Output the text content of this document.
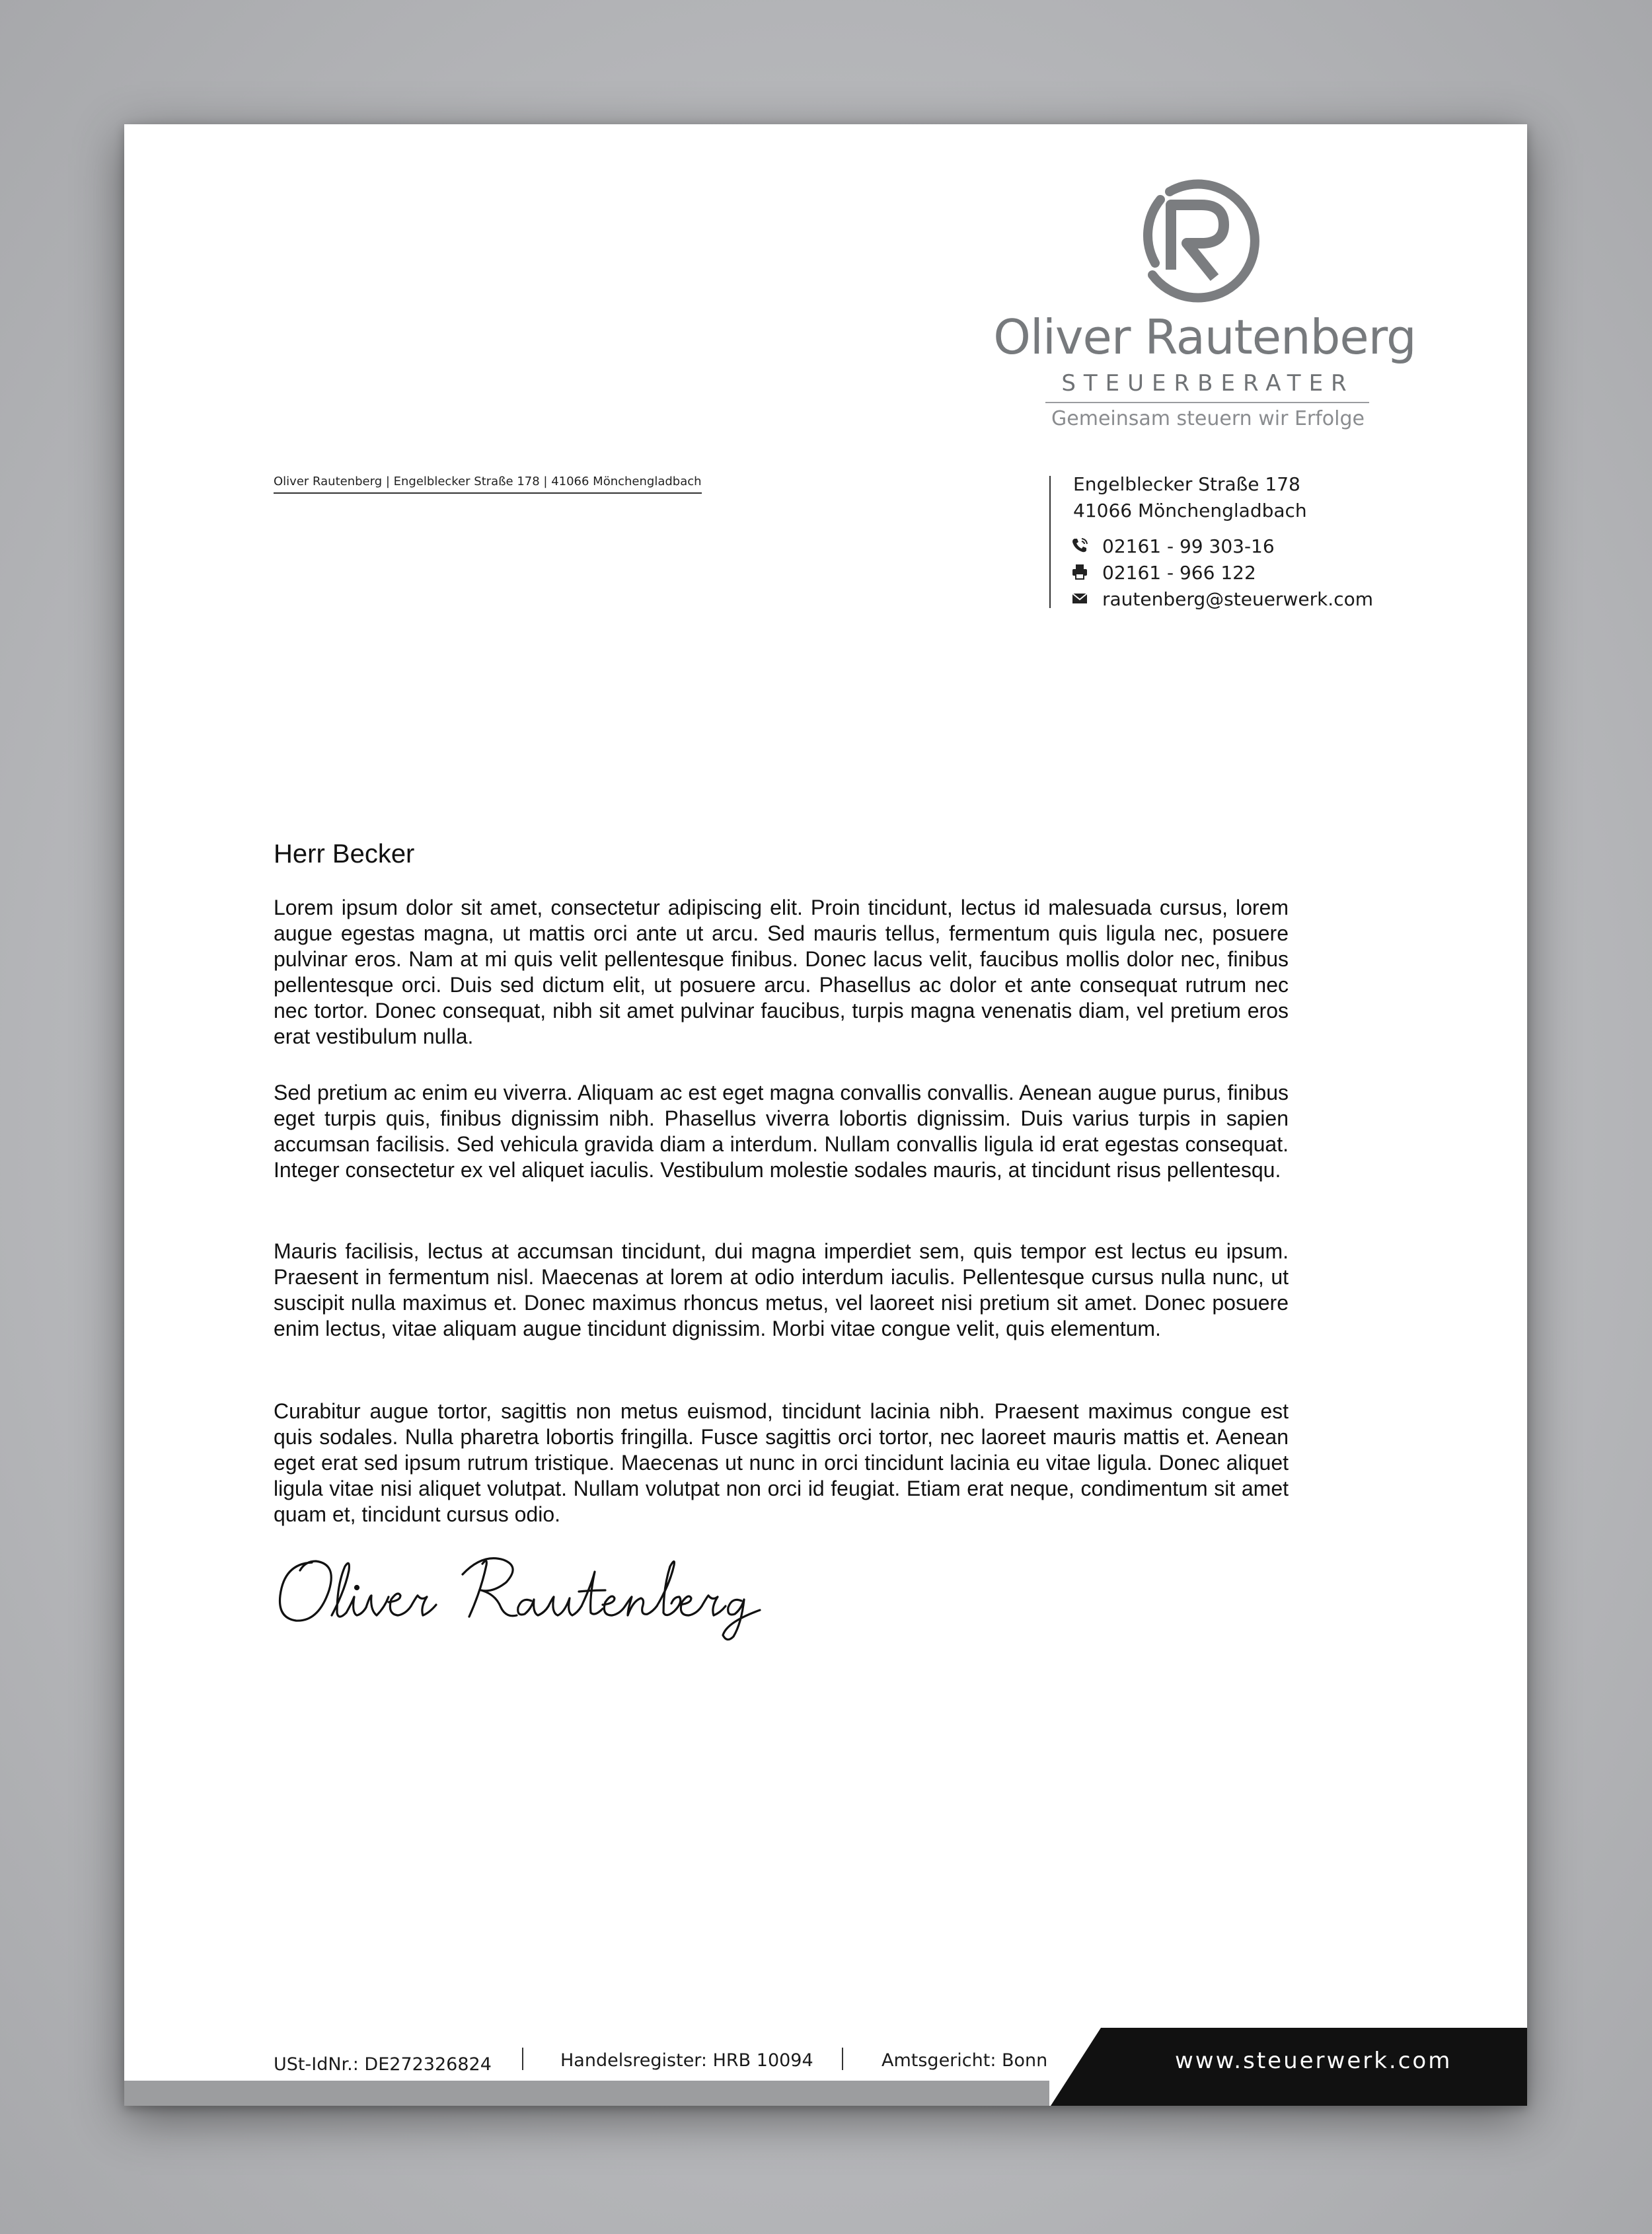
Oliver Rautenberg
STEUERBERATER
Gemeinsam steuern wir Erfolge
Oliver Rautenberg | Engelblecker Straße 178 | 41066 Mönchengladbach	Engelblecker Straße 178
41066 Mönchengladbach
02161 - 99 303-16
02161 - 966 122
rautenberg@steuerwerk.com
Herr Becker

Lorem ipsum dolor sit amet, consectetur adipiscing elit. Proin tincidunt, lectus id malesuada cursus, lorem augue egestas magna, ut mattis orci ante ut arcu. Sed mauris tellus, fermentum quis ligula nec, posuere pulvinar eros. Nam at mi quis velit pellentesque finibus. Donec lacus velit, faucibus mollis dolor nec, finibus pellentesque orci. Duis sed dictum elit, ut posuere arcu. Phasellus ac dolor et ante consequat rutrum nec nec tortor. Donec consequat, nibh sit amet pulvinar faucibus, turpis magna venenatis diam, vel pretium eros erat vestibulum nulla.

Sed pretium ac enim eu viverra. Aliquam ac est eget magna convallis convallis. Aenean augue purus, finibus eget turpis quis, finibus dignissim nibh. Phasellus viverra lobortis dignissim. Duis varius turpis in sapien accumsan facilisis. Sed vehicula gravida diam a interdum. Nullam convallis ligula id erat egestas consequat. Integer consectetur ex vel aliquet iaculis. Vestibulum molestie sodales mauris, at tincidunt risus pellentesqu.

Mauris facilisis, lectus at accumsan tincidunt, dui magna imperdiet sem, quis tempor est lectus eu ipsum. Praesent in fermentum nisl. Maecenas at lorem at odio interdum iaculis. Pellentesque cursus nulla nunc, ut suscipit nulla maximus et. Donec maximus rhoncus metus, vel laoreet nisi pretium sit amet. Donec posuere enim lectus, vitae aliquam augue tincidunt dignissim. Morbi vitae congue velit, quis elementum.

Curabitur augue tortor, sagittis non metus euismod, tincidunt lacinia nibh. Praesent maximus congue est quis sodales. Nulla pharetra lobortis fringilla. Fusce sagittis orci tortor, nec laoreet mauris mattis et. Aenean eget erat sed ipsum rutrum tristique. Maecenas ut nunc in orci tincidunt lacinia eu vitae ligula. Donec aliquet ligula vitae nisi aliquet volutpat. Nullam volutpat non orci id feugiat. Etiam erat neque, condimentum sit amet quam et, tincidunt cursus odio.

USt-IdNr.: DE272326824	Handelsregister: HRB 10094	Amtsgericht: Bonn	www.steuerwerk.com
